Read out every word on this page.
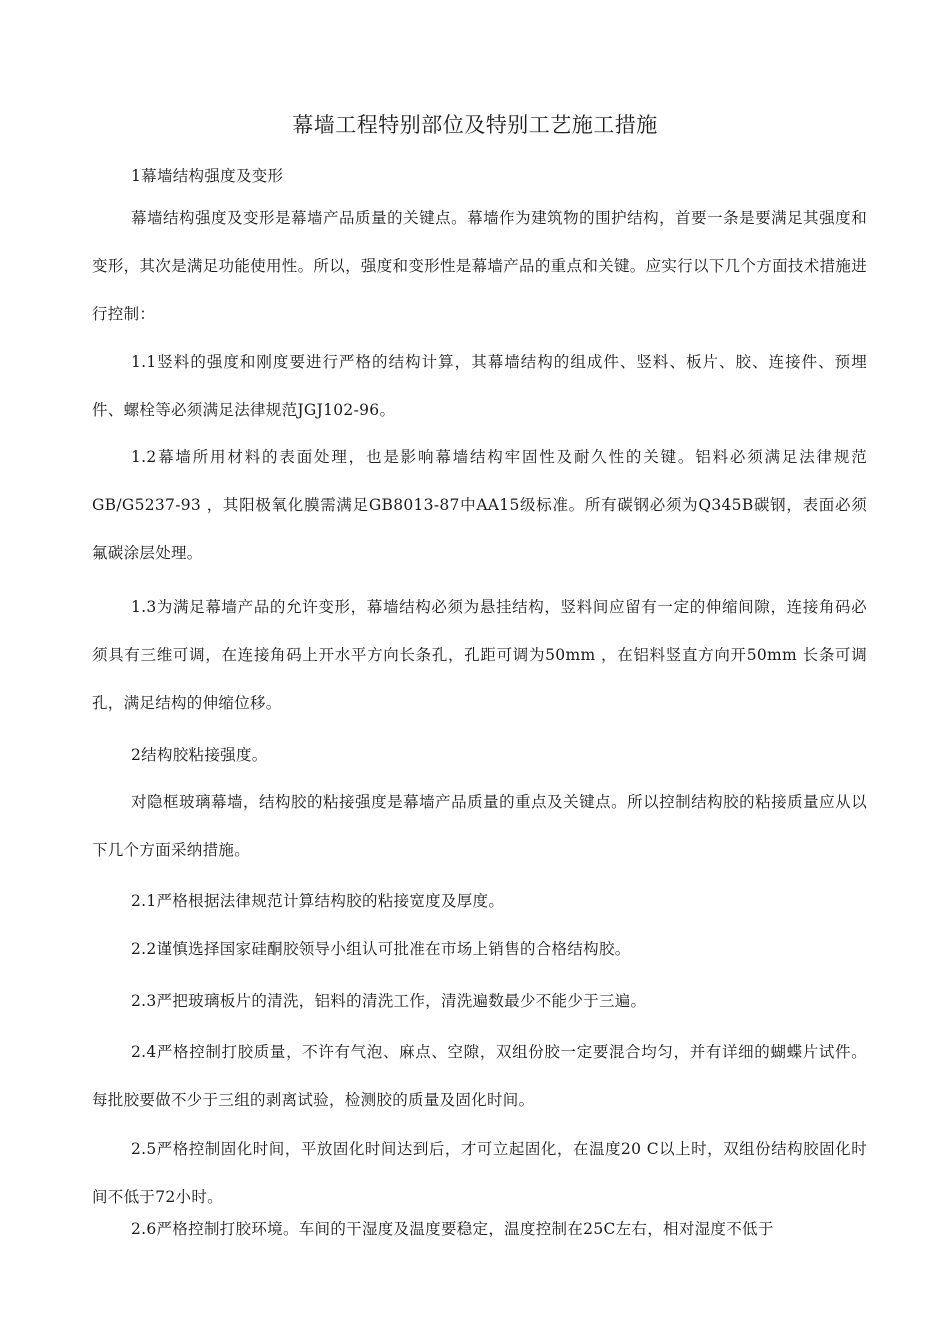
幕墙工程特别部位及特别工艺施工措施
1幕墙结构强度及变形
幕墙结构强度及变形是幕墙产品质量的关键点。幕墙作为建筑物的围护结构，首要一条是要满足其强度和变形，其次是满足功能使用性。所以，强度和变形性是幕墙产品的重点和关键。应实行以下几个方面技术措施进行控制：
1.1竖料的强度和刚度要进行严格的结构计算，其幕墙结构的组成件、竖料、板片、胶、连接件、预埋件、螺栓等必须满足法律规范JGJ102-96。
1.2幕墙所用材料的表面处理，也是影响幕墙结构牢固性及耐久性的关键。铝料必须满足法律规范GB/G5237-93 ，其阳极氧化膜需满足GB8013-87中AA15级标准。所有碳钢必须为Q345B碳钢，表面必须氟碳涂层处理。
1.3为满足幕墙产品的允许变形，幕墙结构必须为悬挂结构，竖料间应留有一定的伸缩间隙，连接角码必须具有三维可调，在连接角码上开水平方向长条孔，孔距可调为50mm ，在铝料竖直方向开50mm 长条可调孔，满足结构的伸缩位移。
2结构胶粘接强度。
对隐框玻璃幕墙，结构胶的粘接强度是幕墙产品质量的重点及关键点。所以控制结构胶的粘接质量应从以下几个方面采纳措施。
2.1严格根据法律规范计算结构胶的粘接宽度及厚度。
2.2谨慎选择国家硅酮胶领导小组认可批准在市场上销售的合格结构胶。
2.3严把玻璃板片的清洗，铝料的清洗工作，清洗遍数最少不能少于三遍。
2.4严格控制打胶质量，不许有气泡、麻点、空隙，双组份胶一定要混合均匀，并有详细的蝴蝶片试件。每批胶要做不少于三组的剥离试验，检测胶的质量及固化时间。
2.5严格控制固化时间，平放固化时间达到后，才可立起固化，在温度20 C以上时，双组份结构胶固化时间不低于72小时。
2.6严格控制打胶环境。车间的干湿度及温度要稳定，温度控制在25C左右，相对湿度不低于
